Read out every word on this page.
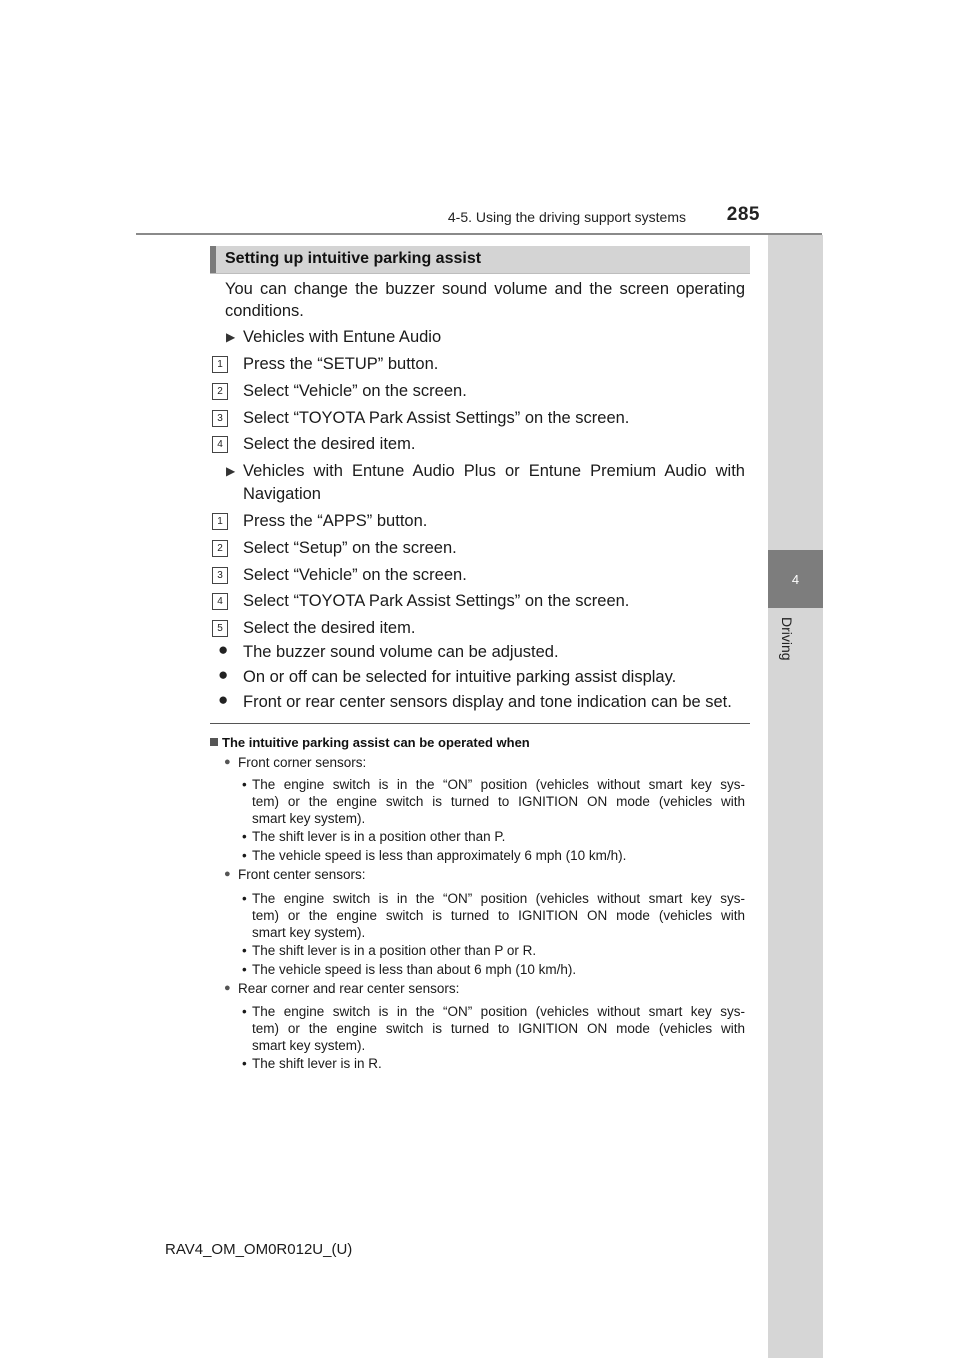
4-5. Using the driving support systems	285
4
Driving
Setting up intuitive parking assist
You can change the buzzer sound volume and the screen operating conditions.
▶ Vehicles with Entune Audio
1	Press the “SETUP” button.
2	Select “Vehicle” on the screen.
3	Select “TOYOTA Park Assist Settings” on the screen.
4	Select the desired item.
▶ Vehicles with Entune Audio Plus or Entune Premium Audio with
Navigation
1	Press the “APPS” button.
2	Select “Setup” on the screen.
3	Select “Vehicle” on the screen.
4	Select “TOYOTA Park Assist Settings” on the screen.
5	Select the desired item.
● The buzzer sound volume can be adjusted.
● On or off can be selected for intuitive parking assist display.
● Front or rear center sensors display and tone indication can be set.
The intuitive parking assist can be operated when
● Front corner sensors:
• The engine switch is in the “ON” position (vehicles without smart key sys-
tem) or the engine switch is turned to IGNITION ON mode (vehicles with
smart key system).
• The shift lever is in a position other than P.
• The vehicle speed is less than approximately 6 mph (10 km/h).
● Front center sensors:
• The engine switch is in the “ON” position (vehicles without smart key sys-
tem) or the engine switch is turned to IGNITION ON mode (vehicles with
smart key system).
• The shift lever is in a position other than P or R.
• The vehicle speed is less than about 6 mph (10 km/h).
● Rear corner and rear center sensors:
• The engine switch is in the “ON” position (vehicles without smart key sys-
tem) or the engine switch is turned to IGNITION ON mode (vehicles with
smart key system).
• The shift lever is in R.
RAV4_OM_OM0R012U_(U)
